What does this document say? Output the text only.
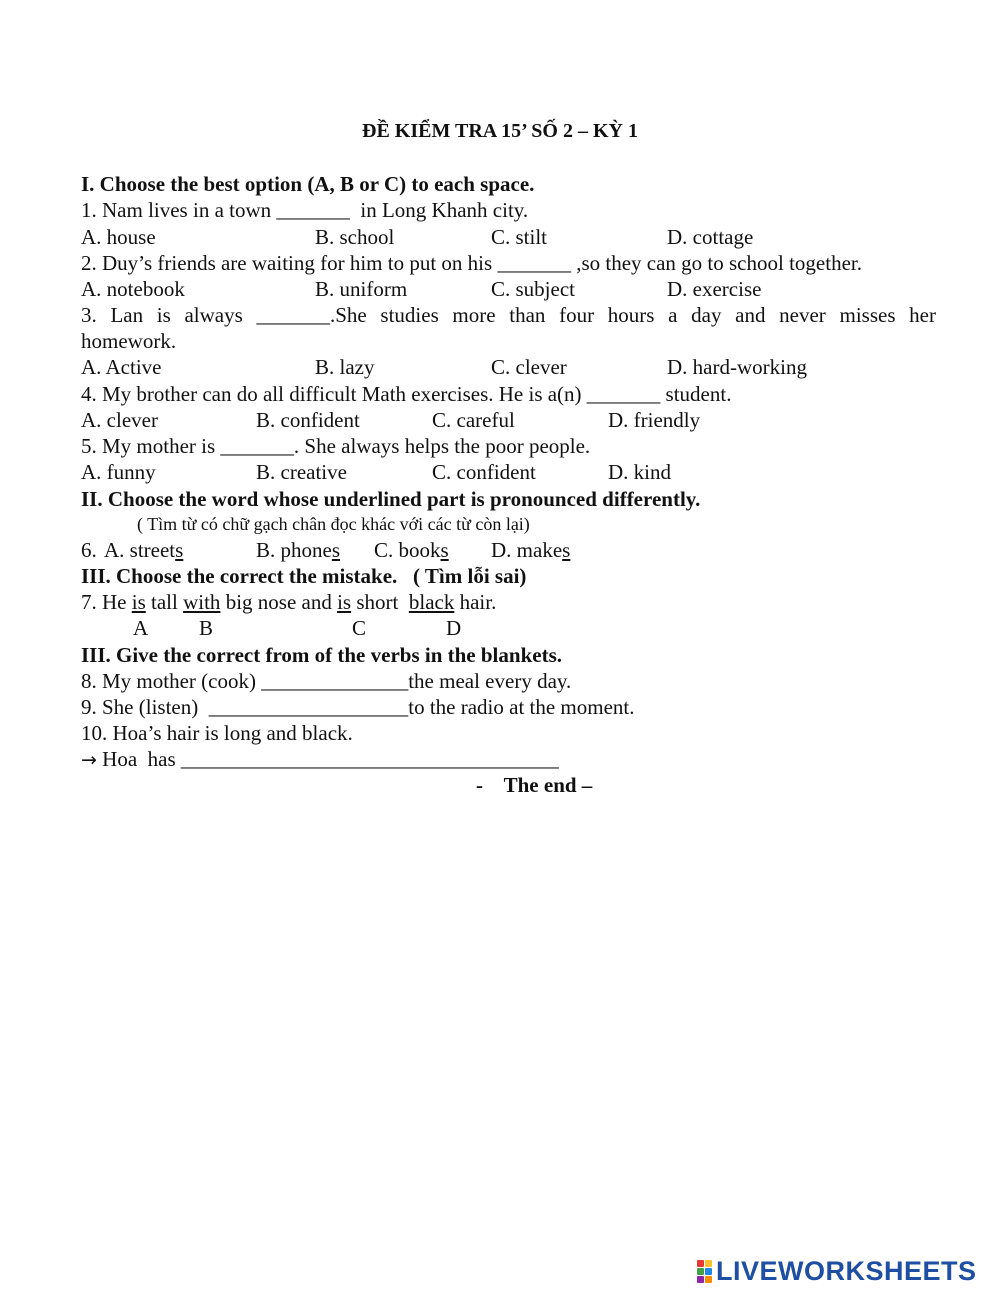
ĐỀ KIỂM TRA 15’ SỐ 2 – KỲ 1
I. Choose the best option (A, B or C) to each space.
1. Nam lives in a town _______  in Long Khanh city.
A. house	B. school	C. stilt	D. cottage
2. Duy’s friends are waiting for him to put on his _______ ,so they can go to school together.
A. notebook	B. uniform	C. subject	D. exercise
3. Lan is always _______.She studies more than four hours a day and never misses her
homework.
A. Active	B. lazy	C. clever	D. hard-working
4. My brother can do all difficult Math exercises. He is a(n) _______ student.
A. clever	B. confident	C. careful	D. friendly
5. My mother is _______. She always helps the poor people.
A. funny	B. creative	C. confident	D. kind
II. Choose the word whose underlined part is pronounced differently.
( Tìm từ có chữ gạch chân đọc khác với các từ còn lại)
6. A. streets	B. phones C. books D. makes
III. Choose the correct the mistake.   ( Tìm lỗi sai)
7. He is tall with big nose and is short  black hair.
A B	C	D
III. Give the correct from of the verbs in the blankets.
8. My mother (cook) ______________the meal every day.
9. She (listen)  ___________________to the radio at the moment.
10. Hoa’s hair is long and black.
→ Hoa  has ____________________________________
-    The end –
LIVEWORKSHEETS
